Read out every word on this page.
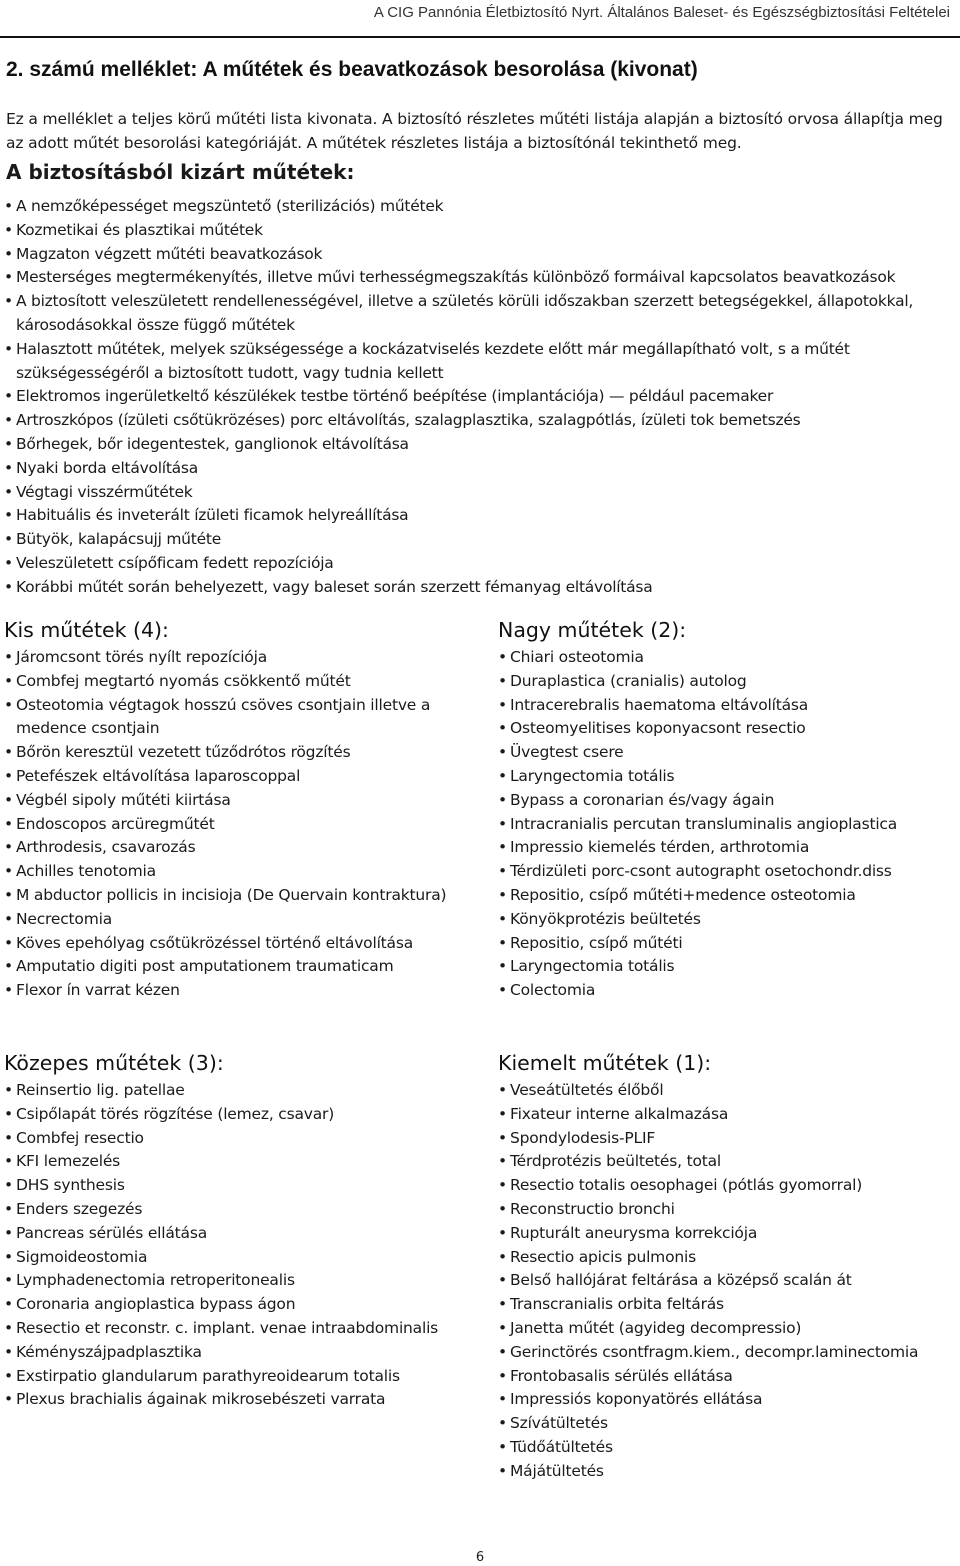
A CIG Pannónia Életbiztosító Nyrt. Általános Baleset- és Egészségbiztosítási Feltételei
2. számú melléklet: A műtétek és beavatkozások besorolása (kivonat)

Ez a melléklet a teljes körű műtéti lista kivonata. A biztosító részletes műtéti listája alapján a biztosító orvosa állapítja meg az adott műtét besorolási kategóriáját. A műtétek részletes listája a biztosítónál tekinthető meg.

A biztosításból kizárt műtétek:
• A nemzőképességet megszüntető (sterilizációs) műtétek
• Kozmetikai és plasztikai műtétek
• Magzaton végzett műtéti beavatkozások
• Mesterséges megtermékenyítés, illetve művi terhességmegszakítás különböző formáival kapcsolatos beavatkozások
• A biztosított veleszületett rendellenességével, illetve a születés körüli időszakban szerzett betegségekkel, állapotokkal, károsodásokkal össze függő műtétek
• Halasztott műtétek, melyek szükségessége a kockázatviselés kezdete előtt már megállapítható volt, s a műtét szükségességéről a biztosított tudott, vagy tudnia kellett
• Elektromos ingerületkeltő készülékek testbe történő beépítése (implantációja) — például pacemaker
• Artroszkópos (ízületi csőtükrözéses) porc eltávolítás, szalagplasztika, szalagpótlás, ízületi tok bemetszés
• Bőrhegek, bőr idegentestek, ganglionok eltávolítása
• Nyaki borda eltávolítása
• Végtagi visszérműtétek
• Habituális és inveterált ízületi ficamok helyreállítása
• Bütyök, kalapácsujj műtéte
• Veleszületett csípőficam fedett repozíciója
• Korábbi műtét során behelyezett, vagy baleset során szerzett fémanyag eltávolítása
Kis műtétek (4):
• Járomcsont törés nyílt repozíciója
• Combfej megtartó nyomás csökkentő műtét
• Osteotomia végtagok hosszú csöves csontjain illetve a medence csontjain
• Bőrön keresztül vezetett tűződrótos rögzítés
• Petefészek eltávolítása laparoscoppal
• Végbél sipoly műtéti kiirtása
• Endoscopos arcüregműtét
• Arthrodesis, csavarozás
• Achilles tenotomia
• M abductor pollicis in incisioja (De Quervain kontraktura)
• Necrectomia
• Köves epehólyag csőtükrözéssel történő eltávolítása
• Amputatio digiti post amputationem traumaticam
• Flexor ín varrat kézen
Nagy műtétek (2):
• Chiari osteotomia
• Duraplastica (cranialis) autolog
• Intracerebralis haematoma eltávolítása
• Osteomyelitises koponyacsont resectio
• Üvegtest csere
• Laryngectomia totális
• Bypass a coronarian és/vagy ágain
• Intracranialis percutan transluminalis angioplastica
• Impressio kiemelés térden, arthrotomia
• Térdizületi porc-csont autographt osetochondr.diss
• Repositio, csípő műtéti+medence osteotomia
• Könyökprotézis beültetés
• Repositio, csípő műtéti
• Laryngectomia totális
• Colectomia
Közepes műtétek (3):
• Reinsertio lig. patellae
• Csipőlapát törés rögzítése (lemez, csavar)
• Combfej resectio
• KFI lemezelés
• DHS synthesis
• Enders szegezés
• Pancreas sérülés ellátása
• Sigmoideostomia
• Lymphadenectomia retroperitonealis
• Coronaria angioplastica bypass ágon
• Resectio et reconstr. c. implant. venae intraabdominalis
• Kéményszájpadplasztika
• Exstirpatio glandularum parathyreoidearum totalis
• Plexus brachialis ágainak mikrosebészeti varrata
Kiemelt műtétek (1):
• Veseátültetés élőből
• Fixateur interne alkalmazása
• Spondylodesis-PLIF
• Térdprotézis beültetés, total
• Resectio totalis oesophagei (pótlás gyomorral)
• Reconstructio bronchi
• Rupturált aneurysma korrekciója
• Resectio apicis pulmonis
• Belső hallójárat feltárása a középső scalán át
• Transcranialis orbita feltárás
• Janetta műtét (agyideg decompressio)
• Gerinctörés csontfragm.kiem., decompr.laminectomia
• Frontobasalis sérülés ellátása
• Impressiós koponyatörés ellátása
• Szívátültetés
• Tüdőátültetés
• Májátültetés
6
